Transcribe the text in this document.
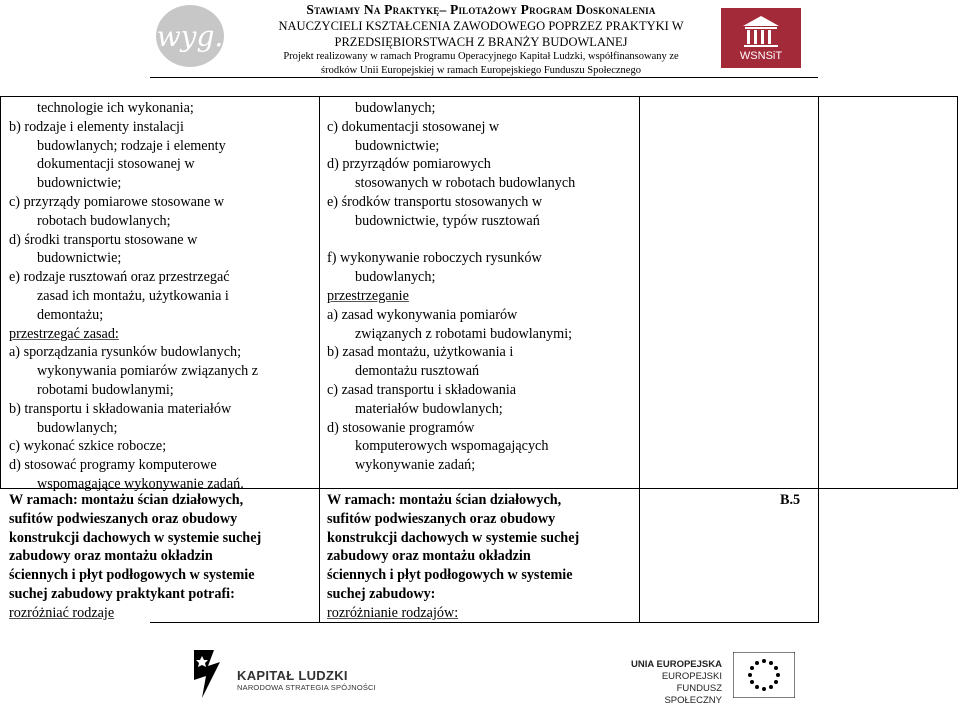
wyg.
Stawiamy Na Praktykę– Pilotażowy Program Doskonalenia
NAUCZYCIELI KSZTAŁCENIA ZAWODOWEGO POPRZEZ PRAKTYKI W
PRZEDSIĘBIORSTWACH Z BRANŻY BUDOWLANEJ
Projekt realizowany w ramach Programu Operacyjnego Kapitał Ludzki, współfinansowany ze
środków Unii Europejskiej w ramach Europejskiego Funduszu Społecznego
WSNSiT
technologie ich wykonania;
b) rodzaje i elementy instalacji
budowlanych; rodzaje i elementy
dokumentacji stosowanej w
budownictwie;
c) przyrządy pomiarowe stosowane w
robotach budowlanych;
d) środki transportu stosowane w
budownictwie;
e) rodzaje rusztowań oraz przestrzegać
zasad ich montażu, użytkowania i
demontażu;
przestrzegać zasad:
a) sporządzania rysunków budowlanych;
wykonywania pomiarów związanych z
robotami budowlanymi;
b) transportu i składowania materiałów
budowlanych;
c) wykonać szkice robocze;
d) stosować programy komputerowe
wspomagające wykonywanie zadań.
budowlanych;
c) dokumentacji stosowanej w
budownictwie;
d) przyrządów pomiarowych
stosowanych w robotach budowlanych
e) środków transportu stosowanych w
budownictwie, typów rusztowań
f) wykonywanie roboczych rysunków
budowlanych;
przestrzeganie
a) zasad wykonywania pomiarów
związanych z robotami budowlanymi;
b) zasad montażu, użytkowania i
demontażu rusztowań
c) zasad transportu i składowania
materiałów budowlanych;
d) stosowanie programów
komputerowych wspomagających
wykonywanie zadań;
W ramach: montażu ścian działowych,
sufitów podwieszanych oraz obudowy
konstrukcji dachowych w systemie suchej
zabudowy oraz montażu okładzin
ściennych i płyt podłogowych w systemie
suchej zabudowy praktykant potrafi:
rozróżniać rodzaje
W ramach: montażu ścian działowych,
sufitów podwieszanych oraz obudowy
konstrukcji dachowych w systemie suchej
zabudowy oraz montażu okładzin
ściennych i płyt podłogowych w systemie
suchej zabudowy:
rozróżnianie rodzajów:
B.5
KAPITAŁ LUDZKI
NARODOWA STRATEGIA SPÓJNOŚCI
UNIA EUROPEJSKA
EUROPEJSKI
FUNDUSZ SPOŁECZNY
